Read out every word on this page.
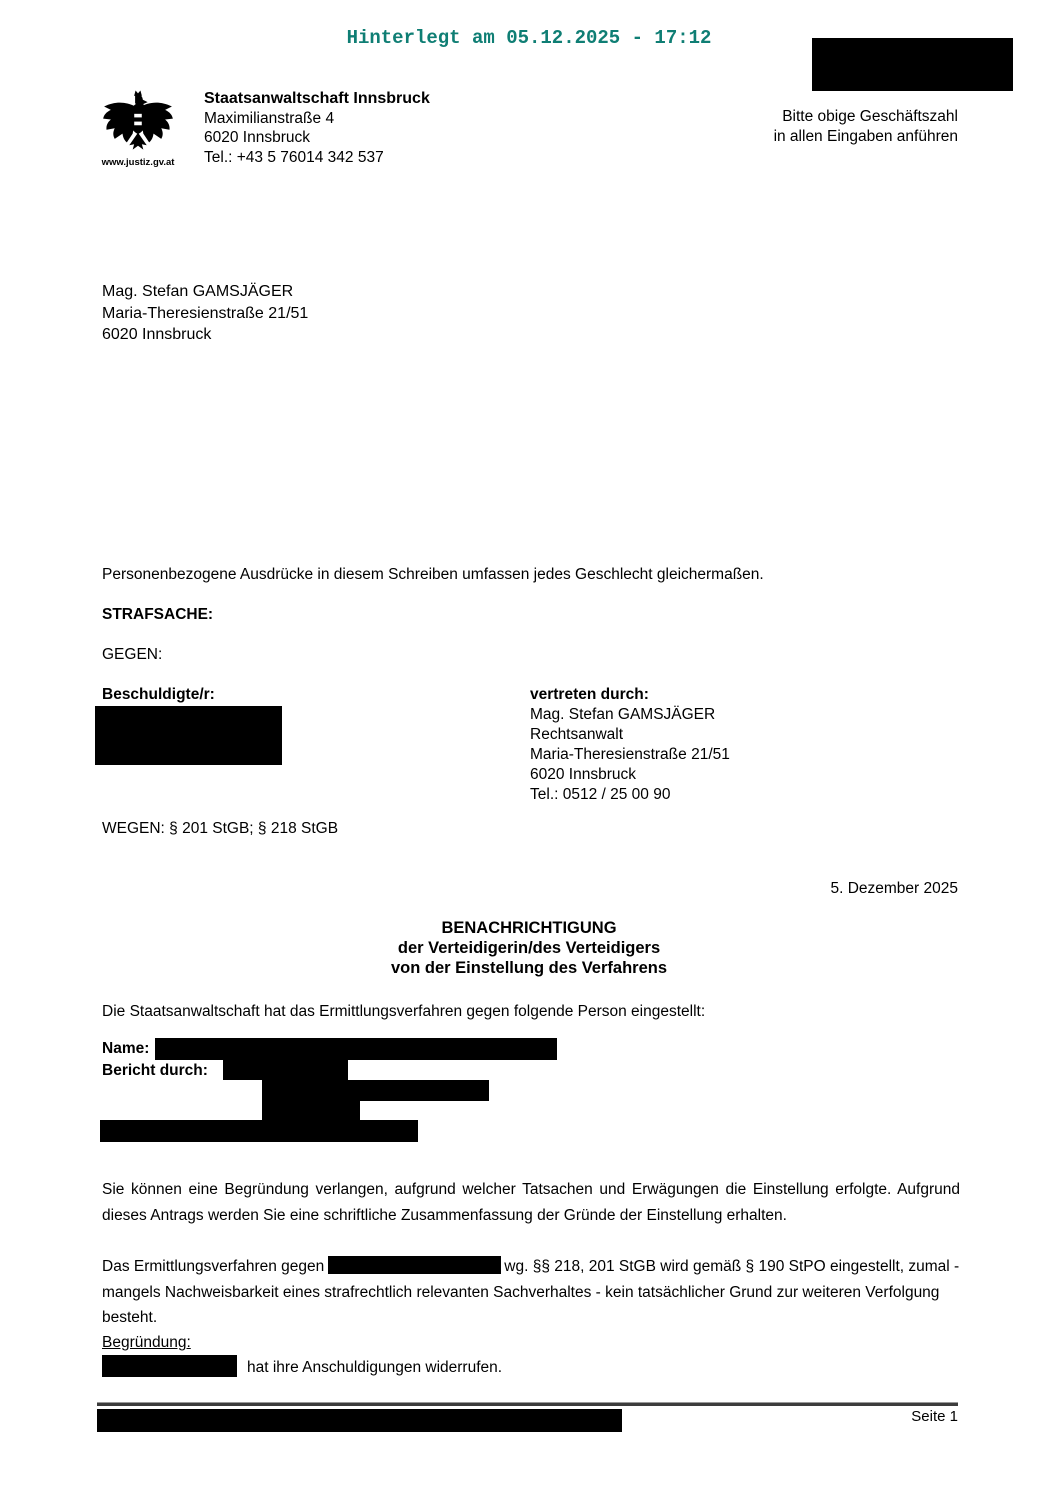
Hinterlegt am 05.12.2025 - 17:12
www.justiz.gv.at
Staatsanwaltschaft Innsbruck
Maximilianstraße 4
6020 Innsbruck
Tel.: +43 5 76014 342 537
Bitte obige Geschäftszahl
in allen Eingaben anführen
Mag. Stefan GAMSJÄGER
Maria-Theresienstraße 21/51
6020 Innsbruck
Personenbezogene Ausdrücke in diesem Schreiben umfassen jedes Geschlecht gleichermaßen.
STRAFSACHE:
GEGEN:
Beschuldigte/r:	vertreten durch:
Mag. Stefan GAMSJÄGER
Rechtsanwalt
Maria-Theresienstraße 21/51
6020 Innsbruck
Tel.: 0512 / 25 00 90
WEGEN: § 201 StGB; § 218 StGB
5. Dezember 2025
BENACHRICHTIGUNG
der Verteidigerin/des Verteidigers
von der Einstellung des Verfahrens
Die Staatsanwaltschaft hat das Ermittlungsverfahren gegen folgende Person eingestellt:
Name:
Bericht durch:
Sie können eine Begründung verlangen, aufgrund welcher Tatsachen und Erwägungen die Einstellung erfolgte. Aufgrund dieses Antrags werden Sie eine schriftliche Zusammenfassung der Gründe der Einstellung erhalten.
Das Ermittlungsverfahren gegen	wg. §§ 218, 201 StGB wird gemäß § 190 StPO eingestellt, zumal - mangels Nachweisbarkeit eines strafrechtlich relevanten Sachverhaltes - kein tatsächlicher Grund zur weiteren Verfolgung besteht.
Begründung:
hat ihre Anschuldigungen widerrufen.
Seite 1
